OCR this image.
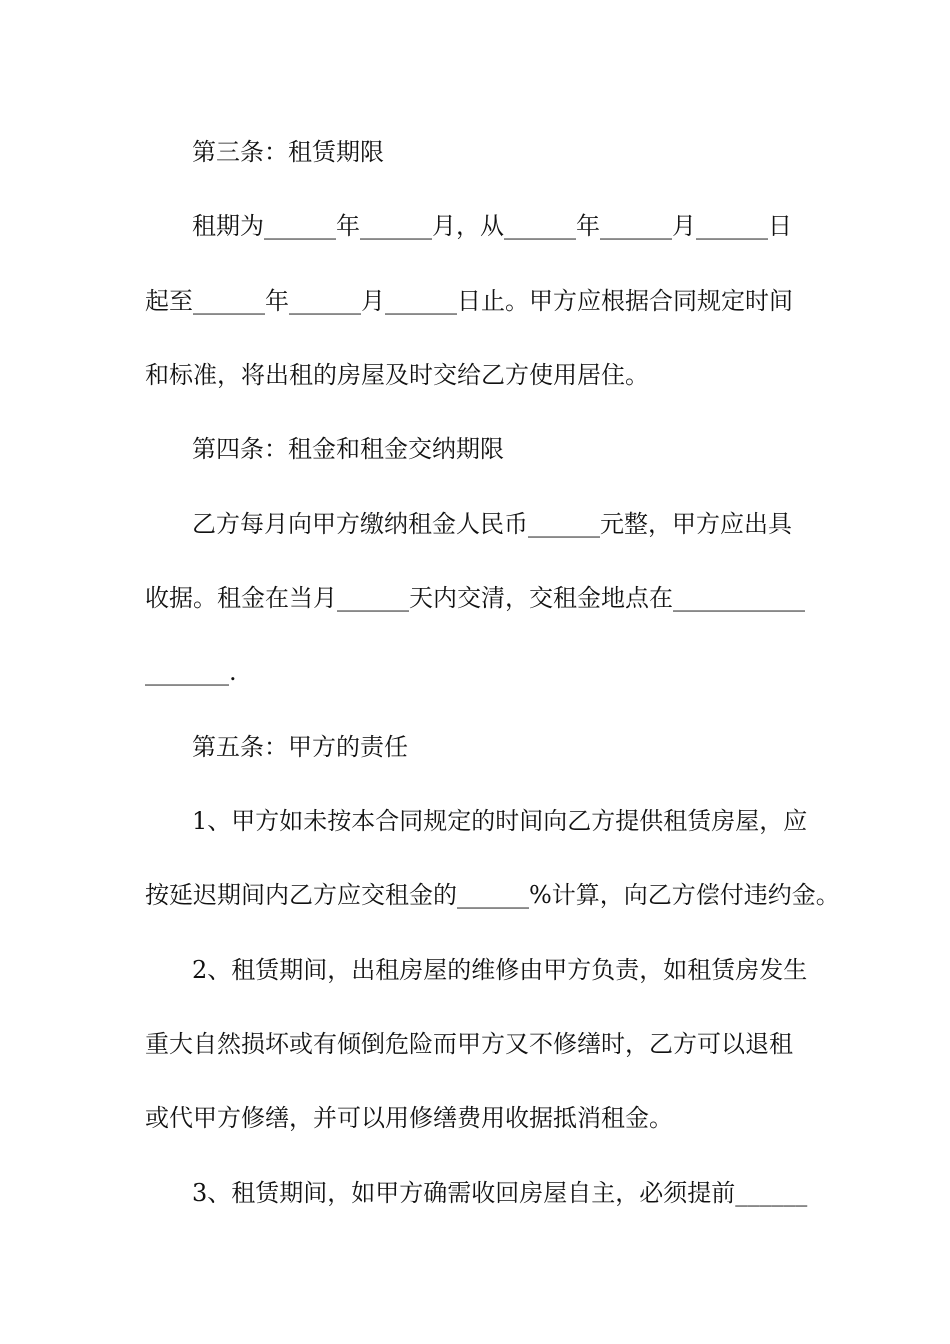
第三条：租赁期限
租期为______年______月，从______年______月______日
起至______年______月______日止。甲方应根据合同规定时间
和标准，将出租的房屋及时交给乙方使用居住。
第四条：租金和租金交纳期限
乙方每月向甲方缴纳租金人民币______元整，甲方应出具
收据。租金在当月______天内交清，交租金地点在___________
_______.
第五条：甲方的责任
1、甲方如未按本合同规定的时间向乙方提供租赁房屋，应
按延迟期间内乙方应交租金的______%计算，向乙方偿付违约金。
2、租赁期间，出租房屋的维修由甲方负责，如租赁房发生
重大自然损坏或有倾倒危险而甲方又不修缮时，乙方可以退租
或代甲方修缮，并可以用修缮费用收据抵消租金。
3、租赁期间，如甲方确需收回房屋自主，必须提前______
